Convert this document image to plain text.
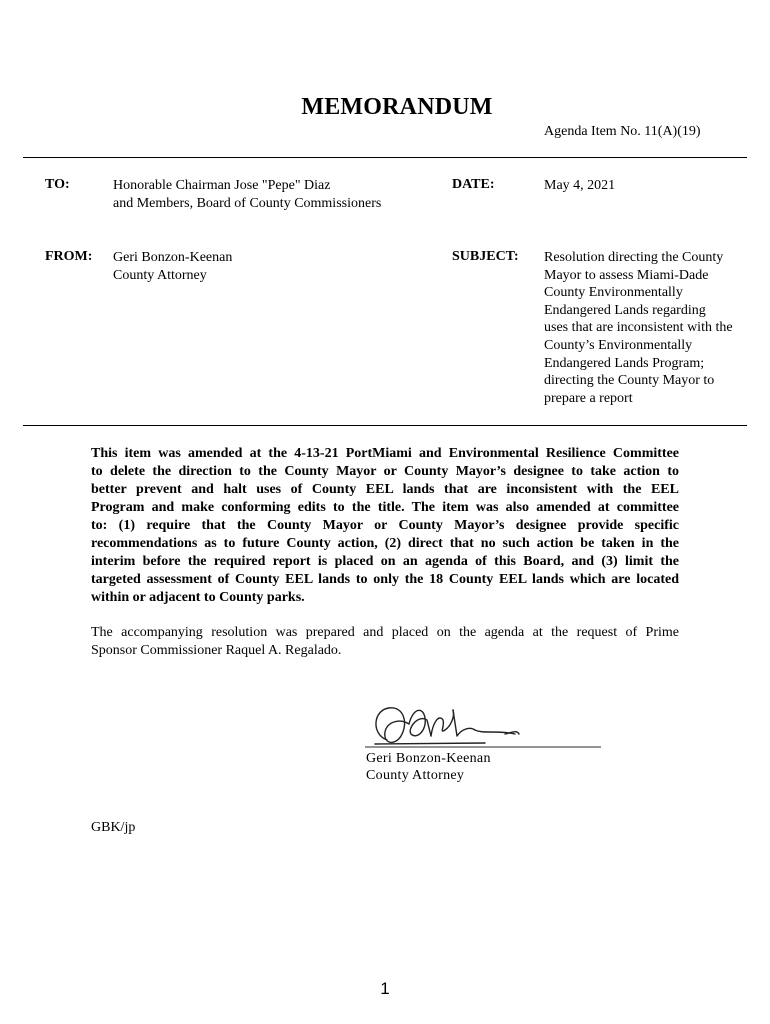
MEMORANDUM
Agenda Item No. 11(A)(19)
TO:	Honorable Chairman Jose "Pepe" Diaz
and Members, Board of County Commissioners
DATE:	May 4, 2021
FROM: Geri Bonzon-Keenan
County Attorney
SUBJECT: Resolution directing the County
Mayor to assess Miami-Dade
County Environmentally
Endangered Lands regarding
uses that are inconsistent with the
County’s Environmentally
Endangered Lands Program;
directing the County Mayor to
prepare a report
This item was amended at the 4-13-21 PortMiami and Environmental Resilience Committee
to delete the direction to the County Mayor or County Mayor’s designee to take action to
better prevent and halt uses of County EEL lands that are inconsistent with the EEL
Program and make conforming edits to the title. The item was also amended at committee
to: (1) require that the County Mayor or County Mayor’s designee provide specific
recommendations as to future County action, (2) direct that no such action be taken in the
interim before the required report is placed on an agenda of this Board, and (3) limit the
targeted assessment of County EEL lands to only the 18 County EEL lands which are located
within or adjacent to County parks.
The accompanying resolution was prepared and placed on the agenda at the request of Prime
Sponsor Commissioner Raquel A. Regalado.
Geri Bonzon-Keenan
County Attorney
GBK/jp
1
